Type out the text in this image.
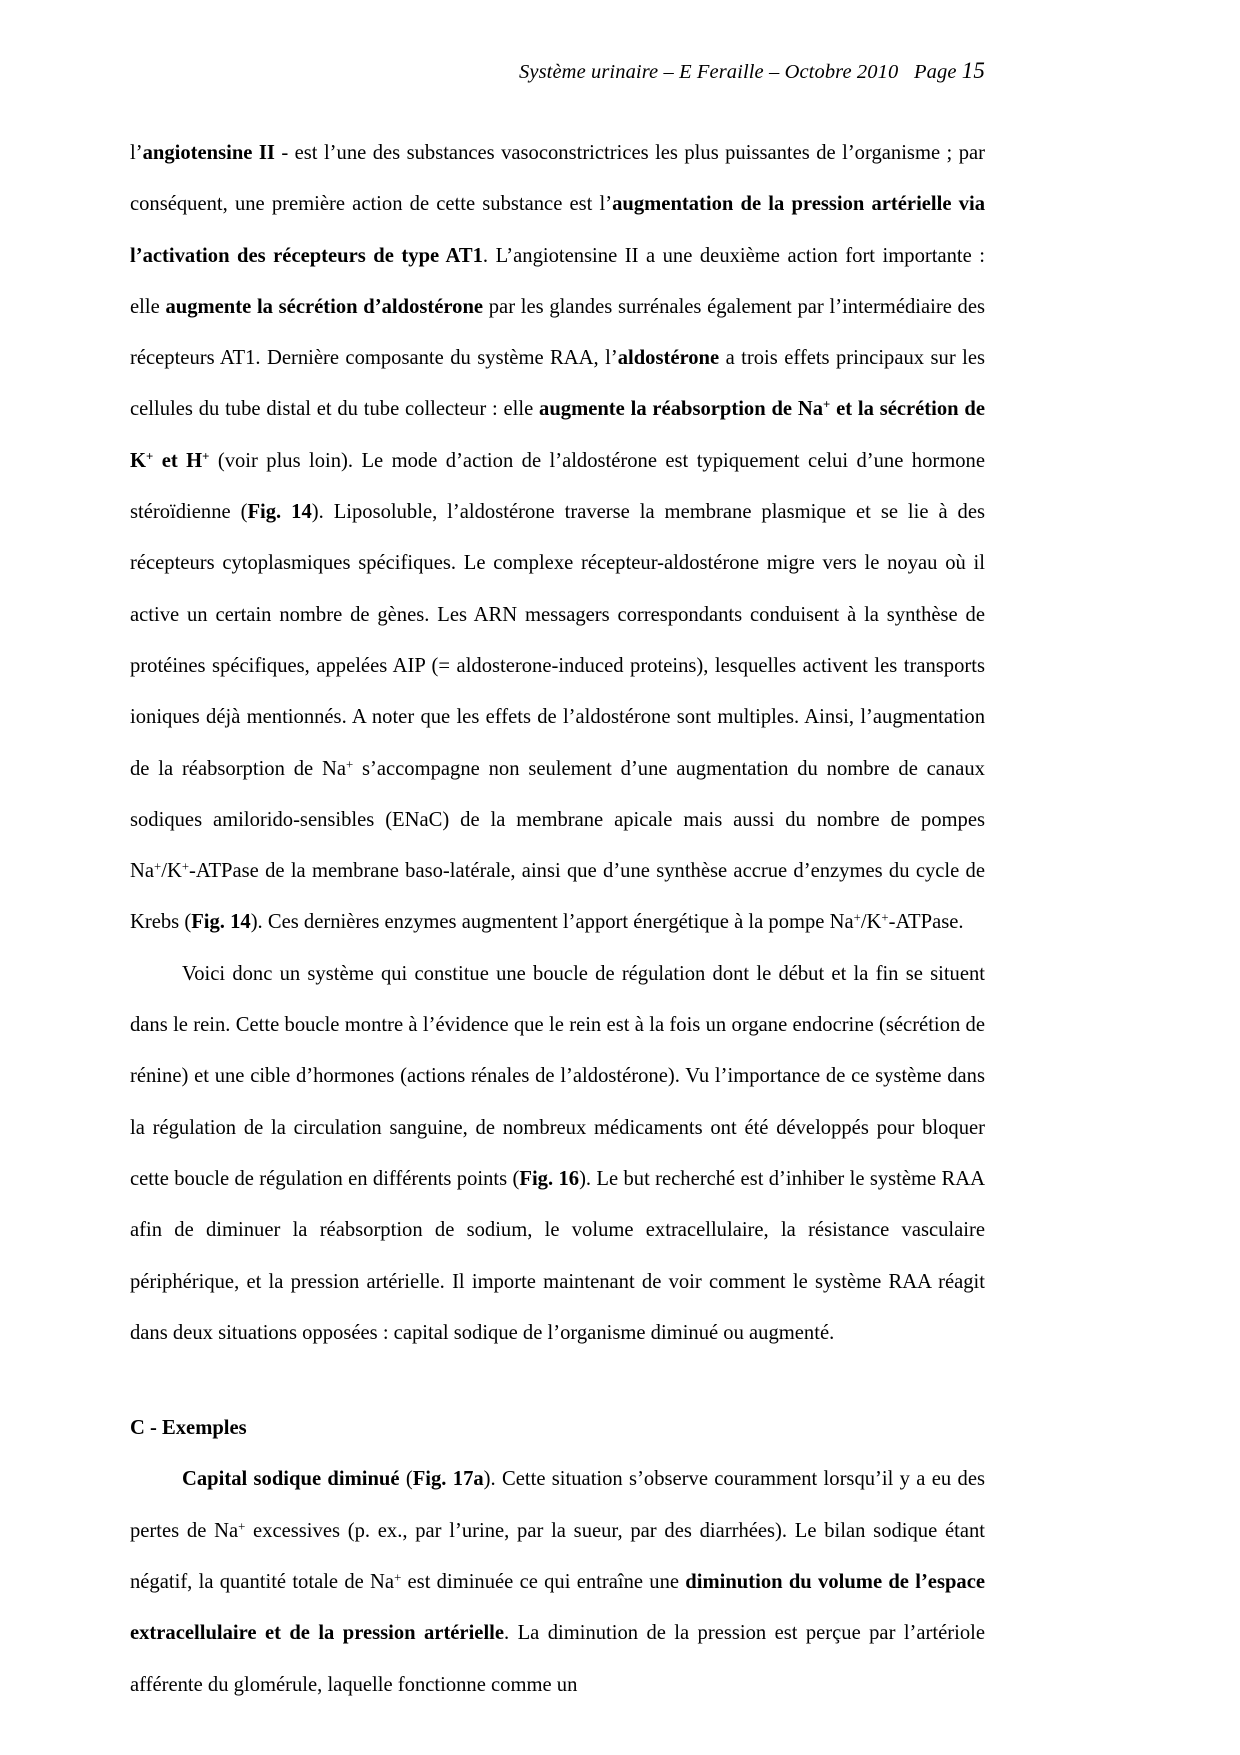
Système urinaire – E Feraille – Octobre 2010 Page 15

l’angiotensine II - est l’une des substances vasoconstrictrices les plus puissantes de l’organisme ; par conséquent, une première action de cette substance est l’augmentation de la pression artérielle via l’activation des récepteurs de type AT1. L’angiotensine II a une deuxième action fort importante : elle augmente la sécrétion d’aldostérone par les glandes surrénales également par l’intermédiaire des récepteurs AT1. Dernière composante du système RAA, l’aldostérone a trois effets principaux sur les cellules du tube distal et du tube collecteur : elle augmente la réabsorption de Na+ et la sécrétion de K+ et H+ (voir plus loin). Le mode d’action de l’aldostérone est typiquement celui d’une hormone stéroïdienne (Fig. 14). Liposoluble, l’aldostérone traverse la membrane plasmique et se lie à des récepteurs cytoplasmiques spécifiques. Le complexe récepteur-aldostérone migre vers le noyau où il active un certain nombre de gènes. Les ARN messagers correspondants conduisent à la synthèse de protéines spécifiques, appelées AIP (= aldosterone-induced proteins), lesquelles activent les transports ioniques déjà mentionnés. A noter que les effets de l’aldostérone sont multiples. Ainsi, l’augmentation de la réabsorption de Na+ s’accompagne non seulement d’une augmentation du nombre de canaux sodiques amilorido-sensibles (ENaC) de la membrane apicale mais aussi du nombre de pompes Na+/K+-ATPase de la membrane baso-latérale, ainsi que d’une synthèse accrue d’enzymes du cycle de Krebs (Fig. 14). Ces dernières enzymes augmentent l’apport énergétique à la pompe Na+/K+-ATPase.

Voici donc un système qui constitue une boucle de régulation dont le début et la fin se situent dans le rein. Cette boucle montre à l’évidence que le rein est à la fois un organe endocrine (sécrétion de rénine) et une cible d’hormones (actions rénales de l’aldostérone). Vu l’importance de ce système dans la régulation de la circulation sanguine, de nombreux médicaments ont été développés pour bloquer cette boucle de régulation en différents points (Fig. 16). Le but recherché est d’inhiber le système RAA afin de diminuer la réabsorption de sodium, le volume extracellulaire, la résistance vasculaire périphérique, et la pression artérielle. Il importe maintenant de voir comment le système RAA réagit dans deux situations opposées : capital sodique de l’organisme diminué ou augmenté.

C - Exemples

Capital sodique diminué (Fig. 17a). Cette situation s’observe couramment lorsqu’il y a eu des pertes de Na+ excessives (p. ex., par l’urine, par la sueur, par des diarrhées). Le bilan sodique étant négatif, la quantité totale de Na+ est diminuée ce qui entraîne une diminution du volume de l’espace extracellulaire et de la pression artérielle. La diminution de la pression est perçue par l’artériole afférente du glomérule, laquelle fonctionne comme un
